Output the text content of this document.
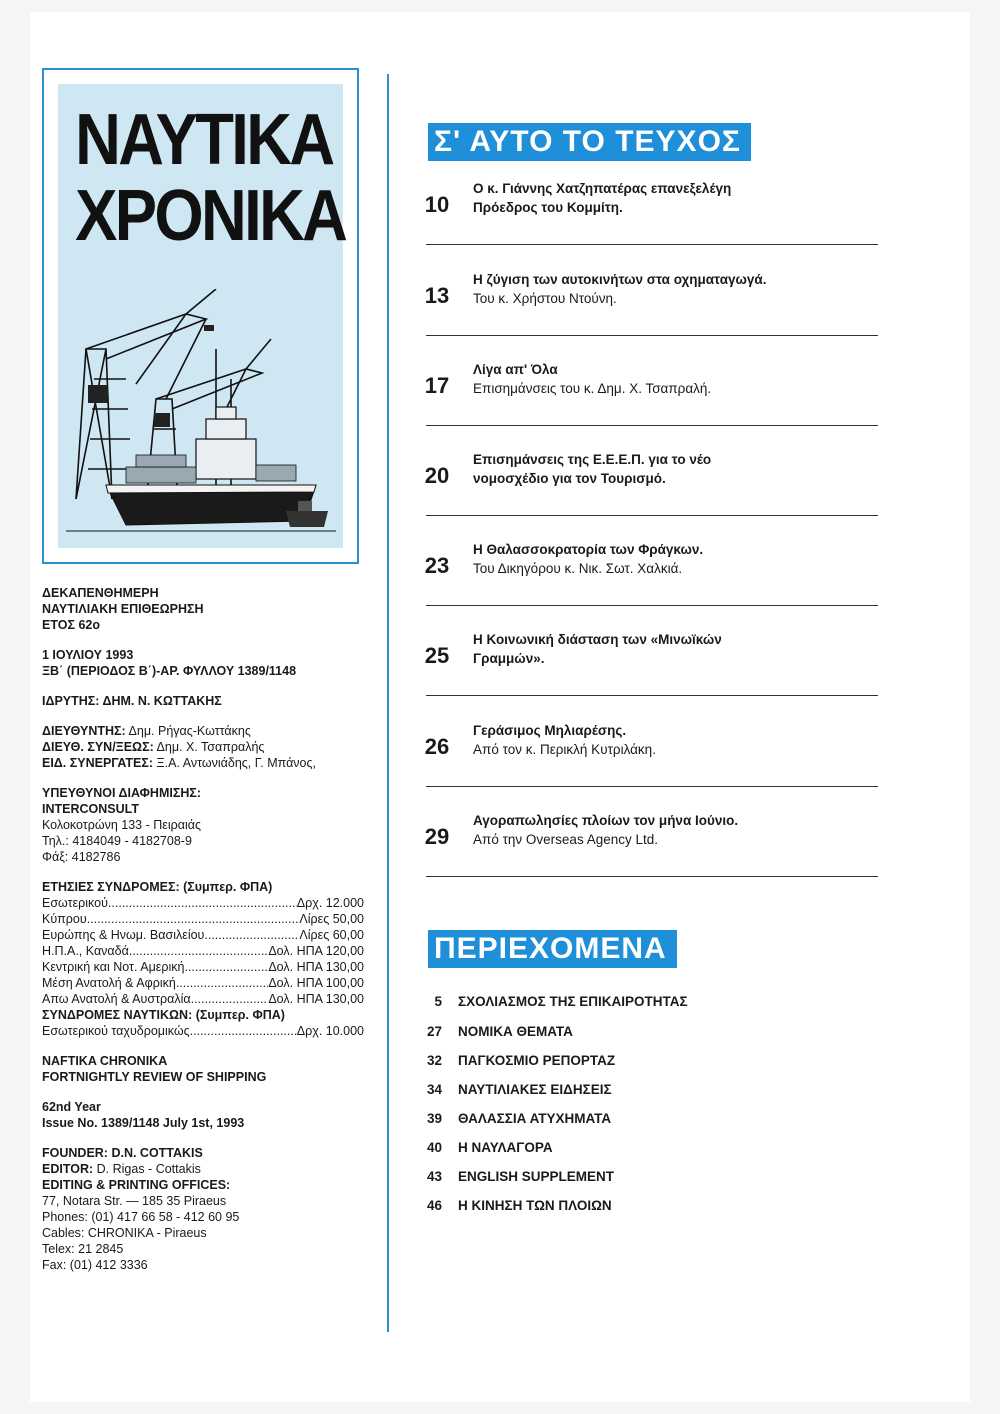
ΝΑΥΤΙΚΑ
ΧΡΟΝΙΚΑ
ΔΕΚΑΠΕΝΘΗΜΕΡΗ
ΝΑΥΤΙΛΙΑΚΗ ΕΠΙΘΕΩΡΗΣΗ
ΕΤΟΣ 62ο
1 ΙΟΥΛΙΟΥ 1993
ΞΒ΄ (ΠΕΡΙΟΔΟΣ Β΄)-ΑΡ. ΦΥΛΛΟΥ 1389/1148
ΙΔΡΥΤΗΣ: ΔΗΜ. Ν. ΚΩΤΤΑΚΗΣ
ΔΙΕΥΘΥΝΤΗΣ: Δημ. Ρήγας-Κωττάκης
ΔΙΕΥΘ. ΣΥΝ/ΞΕΩΣ: Δημ. Χ. Τσαπραλής
ΕΙΔ. ΣΥΝΕΡΓΑΤΕΣ: Ξ.Α. Αντωνιάδης, Γ. Μπάνος,
ΥΠΕΥΘΥΝΟΙ ΔΙΑΦΗΜΙΣΗΣ:
INTERCONSULT
Κολοκοτρώνη 133 - Πειραιάς
Τηλ.: 4184049 - 4182708-9
Φάξ: 4182786
ΕΤΗΣΙΕΣ ΣΥΝΔΡΟΜΕΣ: (Συμπερ. ΦΠΑ)
Εσωτερικού .....	Δρχ. 12.000
Κύπρου .....	Λίρες 50,00
Ευρώπης & Ηνωμ. Βασιλείου .....	Λίρες 60,00
Η.Π.Α., Καναδά .....	Δολ. ΗΠΑ 120,00
Κεντρική και Νοτ. Αμερική .....	Δολ. ΗΠΑ 130,00
Μέση Ανατολή & Αφρική .....	Δολ. ΗΠΑ 100,00
Απω Ανατολή & Αυστραλία .....	Δολ. ΗΠΑ 130,00
ΣΥΝΔΡΟΜΕΣ ΝΑΥΤΙΚΩΝ: (Συμπερ. ΦΠΑ)
Εσωτερικού ταχυδρομικώς .....	Δρχ. 10.000
NAFTIKA CHRONIKA
FORTNIGHTLY REVIEW OF SHIPPING
62nd Year
Issue No. 1389/1148 July 1st, 1993
FOUNDER: D.N. COTTAKIS
EDITOR: D. Rigas - Cottakis
EDITING & PRINTING OFFICES:
77, Notara Str. — 185 35 Piraeus
Phones: (01) 417 66 58 - 412 60 95
Cables: CHRONIKA - Piraeus
Telex: 21 2845
Fax: (01) 412 3336
Σ' ΑΥΤΟ ΤΟ ΤΕΥΧΟΣ
10
Ο κ. Γιάννης Χατζηπατέρας επανεξελέγη
Πρόεδρος του Κομμίτη.
13
Η ζύγιση των αυτοκινήτων στα οχηματαγωγά.
Του κ. Χρήστου Ντούνη.
17
Λίγα απ' Όλα
Επισημάνσεις του κ. Δημ. Χ. Τσαπραλή.
20
Επισημάνσεις της Ε.Ε.Ε.Π. για το νέο
νομοσχέδιο για τον Τουρισμό.
23
Η Θαλασσοκρατορία των Φράγκων.
Του Δικηγόρου κ. Νικ. Σωτ. Χαλκιά.
25
Η Κοινωνική διάσταση των «Μινωϊκών
Γραμμών».
26
Γεράσιμος Μηλιαρέσης.
Από τον κ. Περικλή Κυτριλάκη.
29
Αγοραπωλησίες πλοίων τον μήνα Ιούνιο.
Από την Overseas Agency Ltd.
ΠΕΡΙΕΧΟΜΕΝΑ
5 ΣΧΟΛΙΑΣΜΟΣ ΤΗΣ ΕΠΙΚΑΙΡΟΤΗΤΑΣ
27 ΝΟΜΙΚΑ ΘΕΜΑΤΑ
32 ΠΑΓΚΟΣΜΙΟ ΡΕΠΟΡΤΑΖ
34 ΝΑΥΤΙΛΙΑΚΕΣ ΕΙΔΗΣΕΙΣ
39 ΘΑΛΑΣΣΙΑ ΑΤΥΧΗΜΑΤΑ
40 Η ΝΑΥΛΑΓΟΡΑ
43 ENGLISH SUPPLEMENT
46 Η ΚΙΝΗΣΗ ΤΩΝ ΠΛΟΙΩΝ
